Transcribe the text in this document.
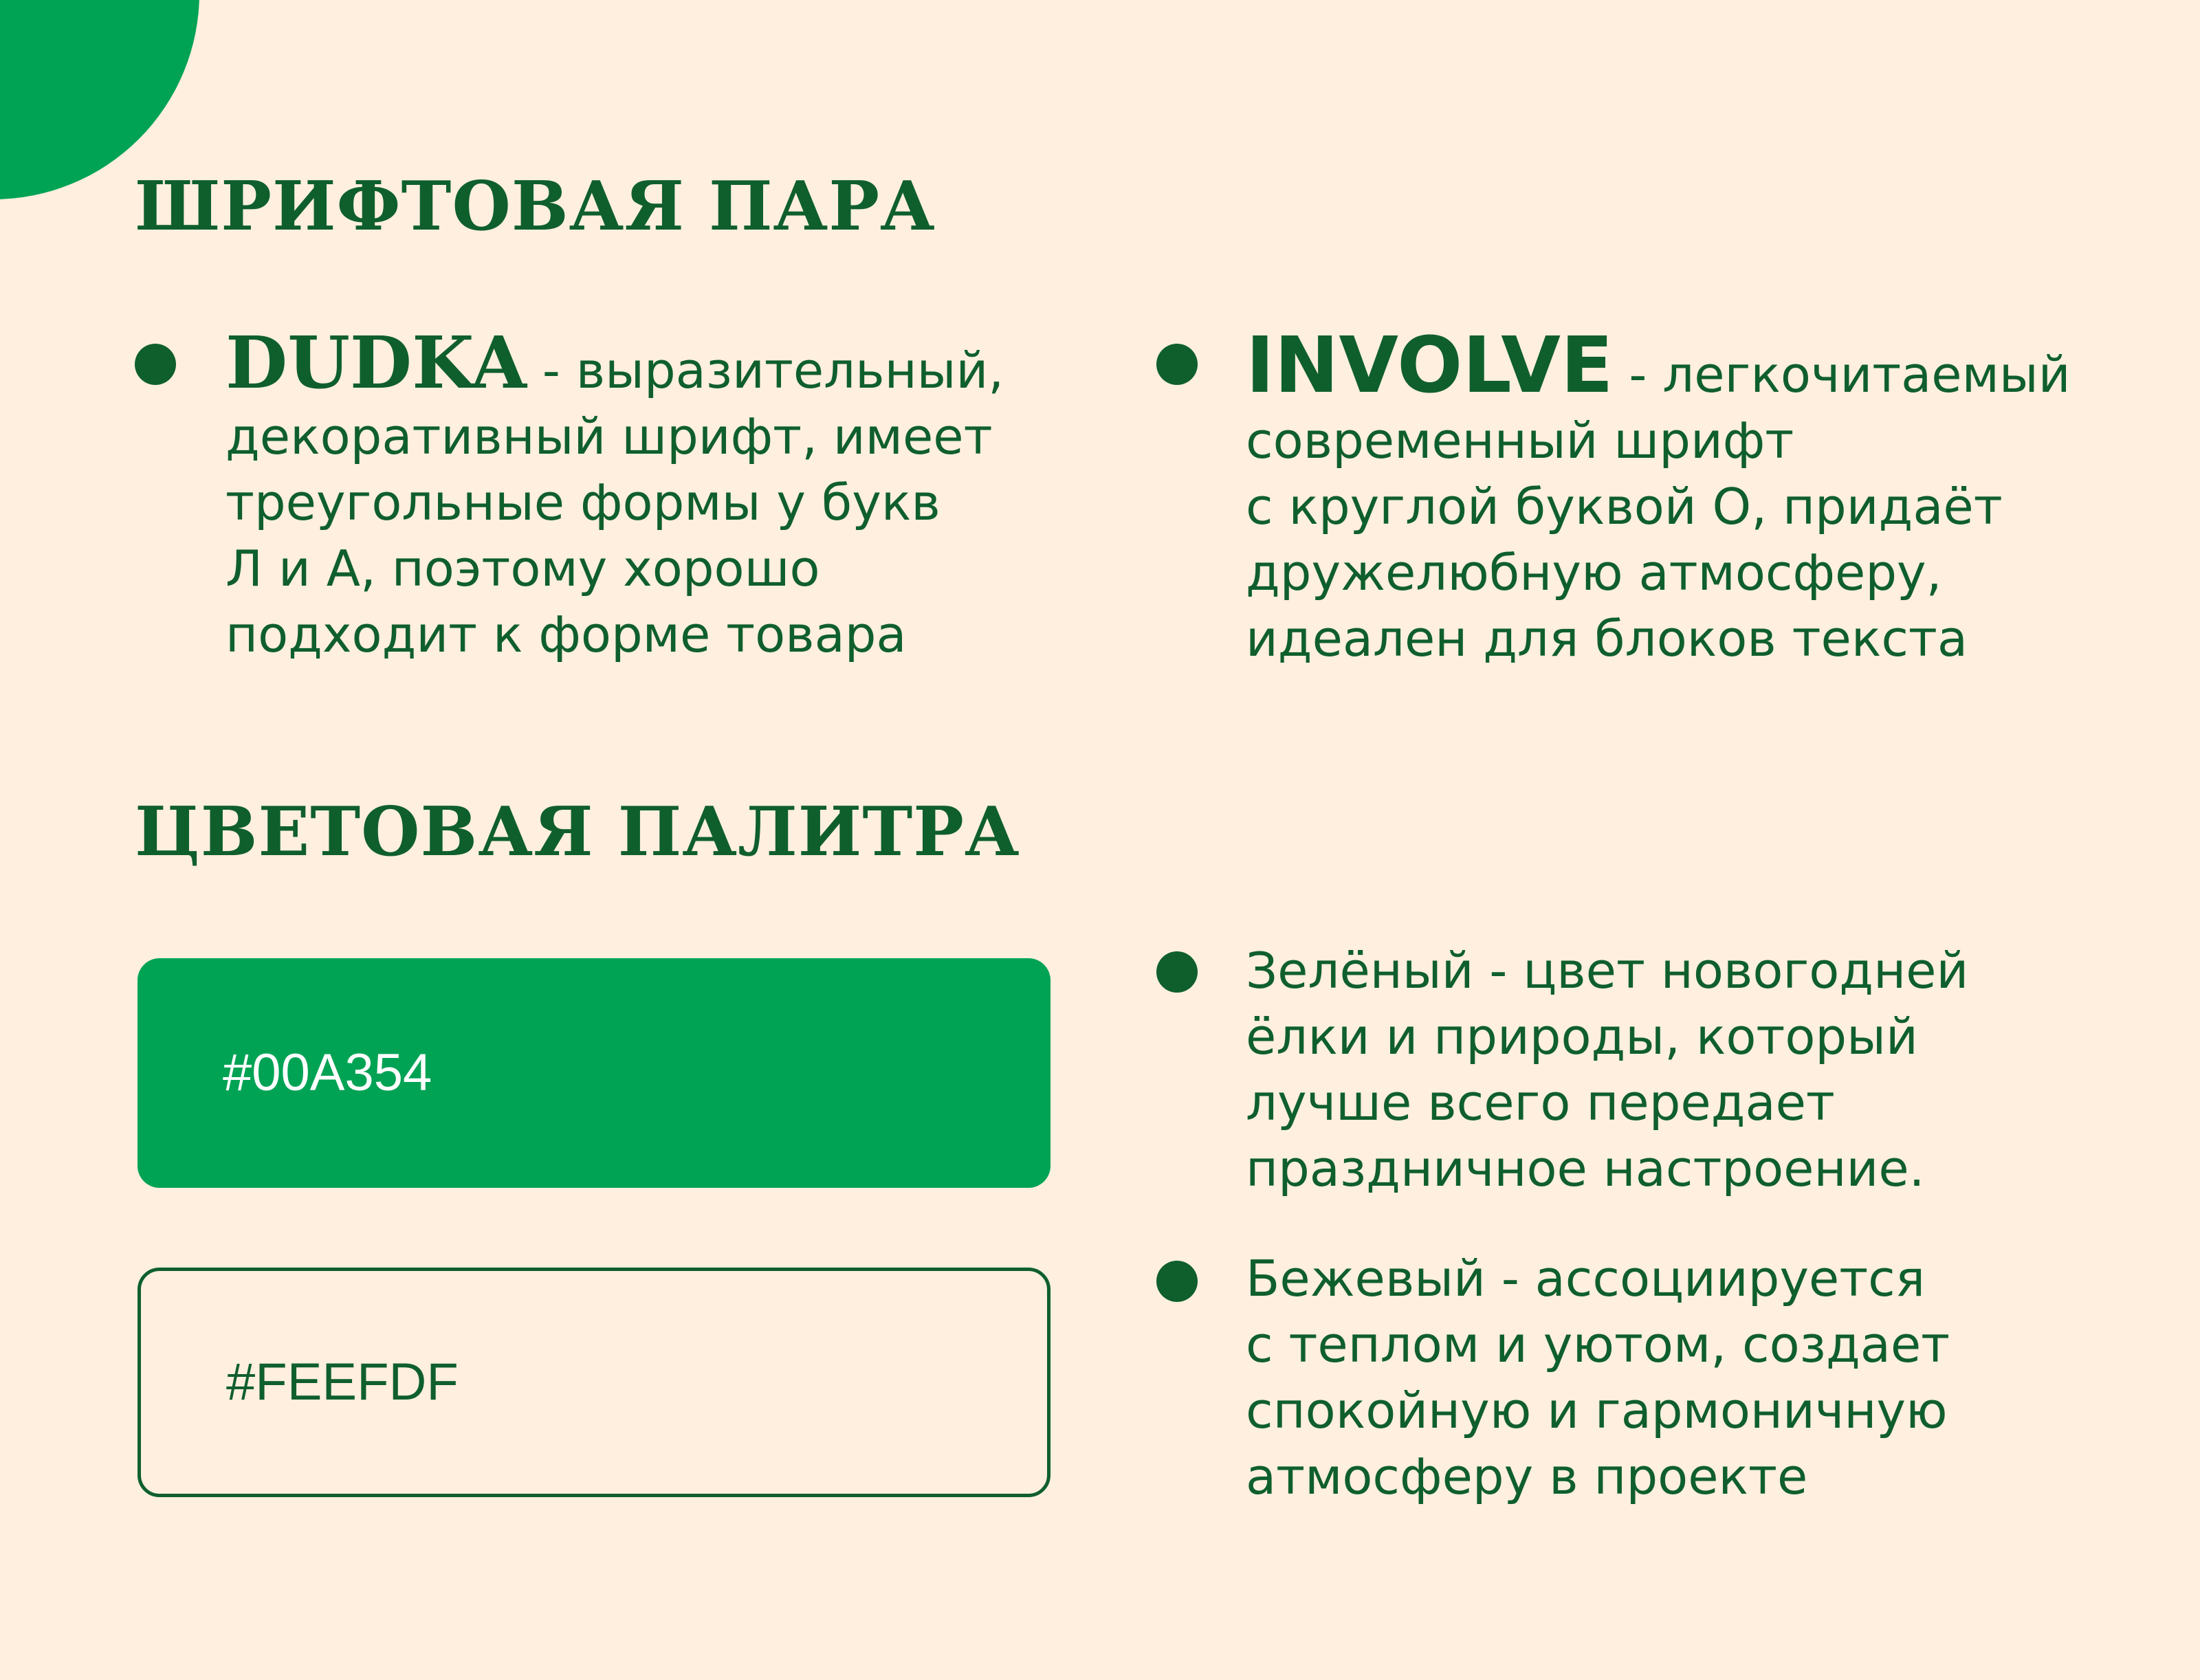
ШРИФТОВАЯ ПАРА
DUDKA - выразительный,
декоративный шрифт, имеет
треугольные формы у букв
Л и А, поэтому хорошо
подходит к форме товара
INVOLVE - легкочитаемый
современный шрифт
с круглой буквой О, придаёт
дружелюбную атмосферу,
идеален для блоков текста
ЦВЕТОВАЯ ПАЛИТРА
#00A354
#FEEFDF
Зелёный - цвет новогодней
ёлки и природы, который
лучше всего передает
праздничное настроение.
Бежевый - ассоциируется
с теплом и уютом, создает
спокойную и гармоничную
атмосферу в проекте
